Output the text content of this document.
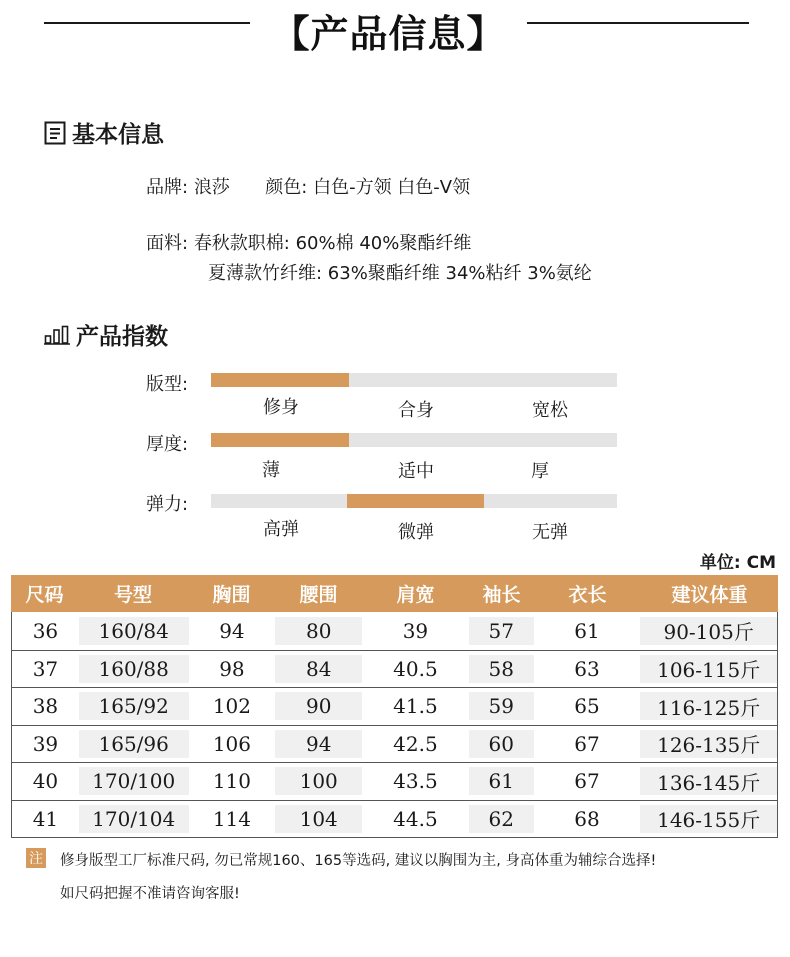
【产品信息】
基本信息
品牌: 浪莎 颜色: 白色-方领 白色-V领
面料: 春秋款职棉: 60%棉 40%聚酯纤维
夏薄款竹纤维: 63%聚酯纤维 34%粘纤 3%氨纶
产品指数
版型:
修身	合身	宽松
厚度:
薄	适中	厚
弹力:
高弹	微弹	无弹
单位: CM
尺码	号型	胸围	腰围	肩宽	袖长	衣长	建议体重
36 160/84	94	80	39	57	61	90-105斤
37 160/88	98	84	40.5	58	63	106-115斤
38 165/92 102	90	41.5	59	65	116-125斤
39 165/96 106	94	42.5	60	67	126-135斤
40 170/100 110 100	43.5	61	67	136-145斤
41 170/104 114 104	44.5	62	68	146-155斤
注 修身版型工厂标准尺码, 勿已常规160、165等选码, 建议以胸围为主, 身高体重为辅综合选择!
如尺码把握不准请咨询客服!
